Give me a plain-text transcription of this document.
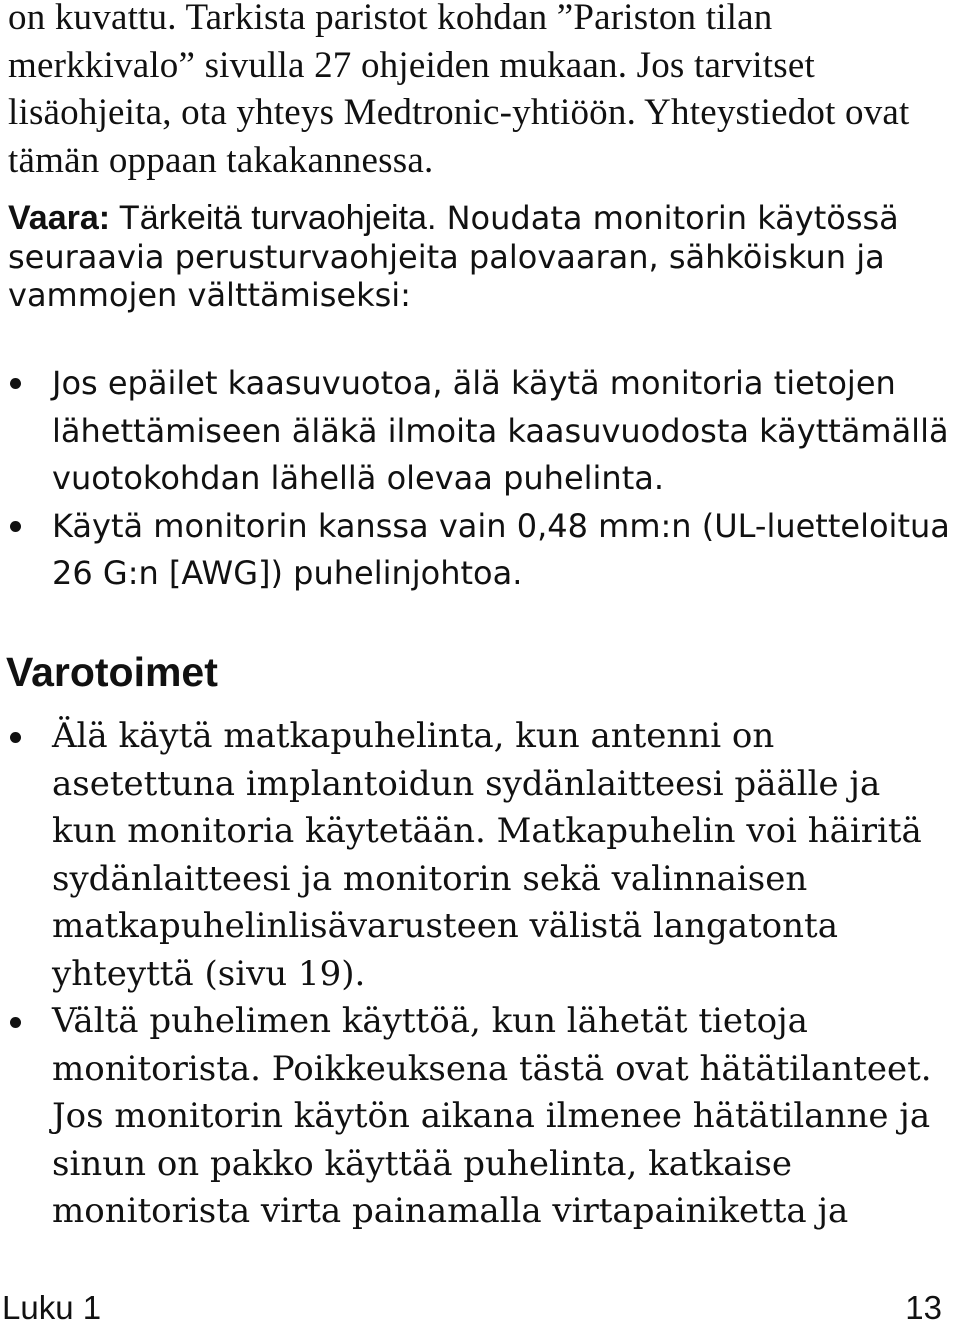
on kuvattu. Tarkista paristot kohdan ”Pariston tilan merkkivalo” sivulla 27 ohjeiden mukaan. Jos tarvitset lisäohjeita, ota yhteys Medtronic-yhtiöön. Yhteystiedot ovat tämän oppaan takakannessa.

Vaara: Tärkeitä turvaohjeita. Noudata monitorin käytössä seuraavia perusturvaohjeita palovaaran, sähköiskun ja vammojen välttämiseksi:

Jos epäilet kaasuvuotoa, älä käytä monitoria tietojen lähettämiseen äläkä ilmoita kaasuvuodosta käyttämällä vuotokohdan lähellä olevaa puhelinta.
Käytä monitorin kanssa vain 0,48 mm:n (UL-luetteloitua 26 G:n [AWG]) puhelinjohtoa.
Varotoimet
Älä käytä matkapuhelinta, kun antenni on asetettuna implantoidun sydänlaitteesi päälle ja kun monitoria käytetään. Matkapuhelin voi häiritä sydänlaitteesi ja monitorin sekä valinnaisen matkapuhelinlisävarusteen välistä langatonta yhteyttä (sivu 19).
Vältä puhelimen käyttöä, kun lähetät tietoja monitorista. Poikkeuksena tästä ovat hätätilanteet. Jos monitorin käytön aikana ilmenee hätätilanne ja sinun on pakko käyttää puhelinta, katkaise monitorista virta painamalla virtapainiketta ja
Luku 1	13
